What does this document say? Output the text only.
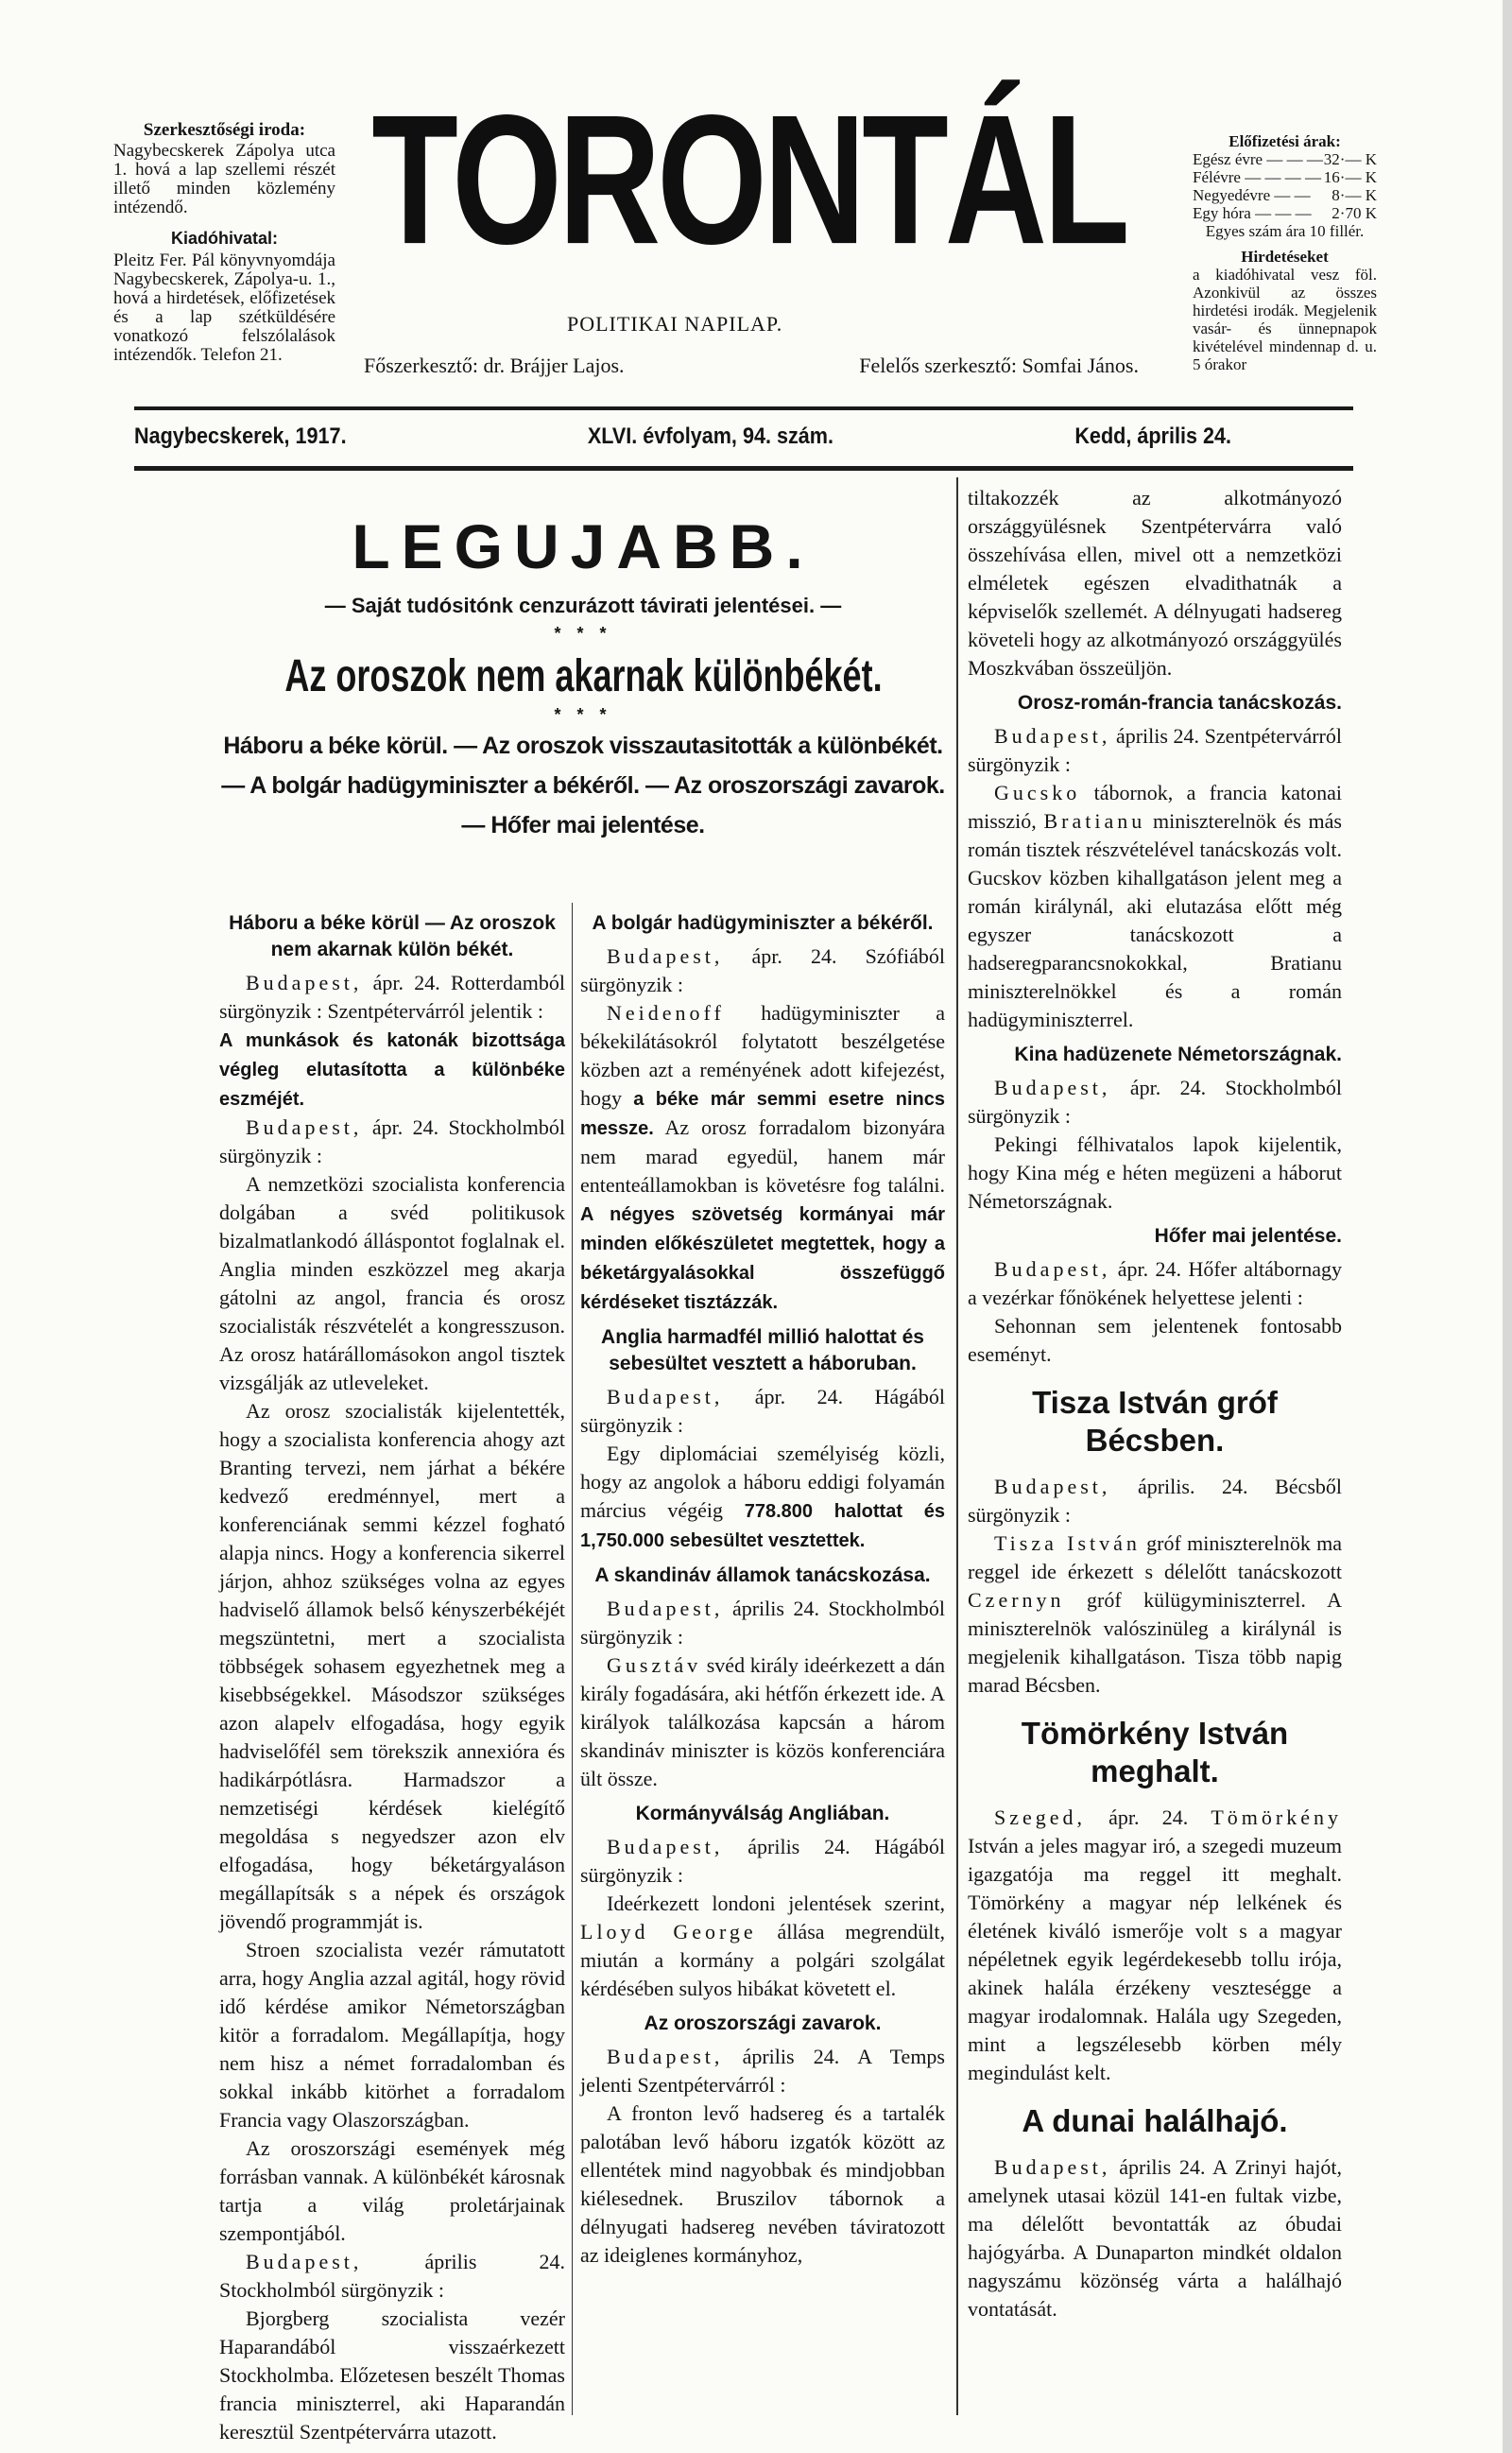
Szerkesztőségi iroda:
Nagybecskerek Zápolya utca 1. hová a lap szellemi részét illető minden közlemény intézendő.
Kiadóhivatal:
Pleitz Fer. Pál könyvnyomdája Nagybecskerek, Zápolya-u. 1., hová a hirdetések, előfizetések és a lap szétküldésére vonatkozó felszólalások intézendők. Telefon 21.
TORONTÁL
POLITIKAI NAPILAP.
Főszerkesztő: dr. Brájjer Lajos.	Felelős szerkesztő: Somfai János.
Előfizetési árak:
Egész évre — — — 32·— K
Félévre — — — — 16·— K
Negyedévre — — 8·— K
Egy hóra — — — 2·70 K
Egyes szám ára 10 fillér.
Hirdetéseket
a kiadóhivatal vesz föl. Azonkivül az összes hirdetési irodák. Megjelenik vasár- és ünnepnapok kivételével mindennap d. u. 5 órakor
Nagybecskerek, 1917.	XLVI. évfolyam, 94. szám.	Kedd, április 24.
LEGUJABB.
— Saját tudósitónk cenzurázott távirati jelentései. —
* * *
Az oroszok nem akarnak különbékét.
* * *
Háboru a béke körül. — Az oroszok visszautasitották a különbékét. — A bolgár hadügyminiszter a békéről. — Az oroszországi zavarok. — Hőfer mai jelentése.
Háboru a béke körül — Az oroszok nem akarnak külön békét.

Budapest, ápr. 24. Rotterdamból sürgönyzik : Szentpétervárról jelentik :

A munkások és katonák bizottsága végleg elutasította a különbéke eszméjét.

Budapest, ápr. 24. Stockholmból sürgönyzik :

A nemzetközi szocialista konferencia dolgában a svéd politikusok bizalmatlankodó álláspontot foglalnak el. Anglia minden eszközzel meg akarja gátolni az angol, francia és orosz szocialisták részvételét a kongresszuson. Az orosz határállomásokon angol tisztek vizsgálják az utleveleket.

Az orosz szocialisták kijelentették, hogy a szocialista konferencia ahogy azt Branting tervezi, nem járhat a békére kedvező eredménnyel, mert a konferenciának semmi kézzel fogható alapja nincs. Hogy a konferencia sikerrel járjon, ahhoz szükséges volna az egyes hadviselő államok belső kényszerbékéjét megszüntetni, mert a szocialista többségek sohasem egyezhetnek meg a kisebbségekkel. Másodszor szükséges azon alapelv elfogadása, hogy egyik hadviselőfél sem törekszik annexióra és hadikárpótlásra. Harmadszor a nemzetiségi kérdések kielégítő megoldása s negyedszer azon elv elfogadása, hogy béketárgyaláson megállapítsák s a népek és országok jövendő programmját is.

Stroen szocialista vezér rámutatott arra, hogy Anglia azzal agitál, hogy rövid idő kérdése amikor Németországban kitör a forradalom. Megállapítja, hogy nem hisz a német forradalomban és sokkal inkább kitörhet a forradalom Francia vagy Olaszországban.

Az oroszországi események még forrásban vannak. A különbékét károsnak tartja a világ proletárjainak szempontjából.

Budapest, április 24. Stockholmból sürgönyzik :

Bjorgberg szocialista vezér Haparandából visszaérkezett Stockholmba. Előzetesen beszélt Thomas francia miniszterrel, aki Haparandán keresztül Szentpétervárra utazott.

A bolgár hadügyminiszter a békéről.

Budapest, ápr. 24. Szófiából sürgönyzik :

Neidenoff hadügyminiszter a békekilátásokról folytatott beszélgetése közben azt a reményének adott kifejezést, hogy a béke már semmi esetre nincs messze. Az orosz forradalom bizonyára nem marad egyedül, hanem már ententeállamokban is követésre fog találni. A négyes szövetség kormányai már minden előkészületet megtettek, hogy a béketárgyalásokkal összefüggő kérdéseket tisztázzák.

Anglia harmadfél millió halottat és sebesültet vesztett a háboruban.

Budapest, ápr. 24. Hágából sürgönyzik :

Egy diplomáciai személyiség közli, hogy az angolok a háboru eddigi folyamán március végéig 778.800 halottat és 1,750.000 sebesültet vesztettek.

A skandináv államok tanácskozása.

Budapest, április 24. Stockholmból sürgönyzik :

Gusztáv svéd király ideérkezett a dán király fogadására, aki hétfőn érkezett ide. A királyok találkozása kapcsán a három skandináv miniszter is közös konferenciára ült össze.

Kormányválság Angliában.

Budapest, április 24. Hágából sürgönyzik :

Ideérkezett londoni jelentések szerint, Lloyd George állása megrendült, miután a kormány a polgári szolgálat kérdésében sulyos hibákat követett el.

Az oroszországi zavarok.

Budapest, április 24. A Temps jelenti Szentpétervárról :

A fronton levő hadsereg és a tartalék palotában levő háboru izgatók között az ellentétek mind nagyobbak és mindjobban kiélesednek. Bruszilov tábornok a délnyugati hadsereg nevében táviratozott az ideiglenes kormányhoz,

tiltakozzék az alkotmányozó országgyülésnek Szentpétervárra való összehívása ellen, mivel ott a nemzetközi elméletek egészen elvadithatnák a képviselők szellemét. A délnyugati hadsereg követeli hogy az alkotmányozó országgyülés Moszkvában összeüljön.

Orosz-román-francia tanácskozás.

Budapest, április 24. Szentpétervárról sürgönyzik :

Gucsko tábornok, a francia katonai misszió, Bratianu miniszterelnök és más román tisztek részvételével tanácskozás volt. Gucskov közben kihallgatáson jelent meg a román királynál, aki elutazása előtt még egyszer tanácskozott a hadseregparancsnokokkal, Bratianu miniszterelnökkel és a román hadügyminiszterrel.

Kina hadüzenete Németországnak.

Budapest, ápr. 24. Stockholmból sürgönyzik :

Pekingi félhivatalos lapok kijelentik, hogy Kina még e héten megüzeni a háborut Németországnak.

Hőfer mai jelentése.

Budapest, ápr. 24. Hőfer altábornagy a vezérkar főnökének helyettese jelenti :

Sehonnan sem jelentenek fontosabb eseményt.

Tisza István gróf Bécsben.

Budapest, április. 24. Bécsből sürgönyzik :

Tisza István gróf miniszterelnök ma reggel ide érkezett s délelőtt tanácskozott Czernyn gróf külügyminiszterrel. A miniszterelnök valószinüleg a királynál is megjelenik kihallgatáson. Tisza több napig marad Bécsben.

Tömörkény István meghalt.

Szeged, ápr. 24. Tömörkény István a jeles magyar iró, a szegedi muzeum igazgatója ma reggel itt meghalt. Tömörkény a magyar nép lelkének és életének kiváló ismerője volt s a magyar népéletnek egyik legérdekesebb tollu irója, akinek halála érzékeny veszteségge a magyar irodalomnak. Halála ugy Szegeden, mint a legszélesebb körben mély megindulást kelt.

A dunai halálhajó.

Budapest, április 24. A Zrinyi hajót, amelynek utasai közül 141-en fultak vizbe, ma délelőtt bevontatták az óbudai hajógyárba. A Dunaparton mindkét oldalon nagyszámu közönség várta a halálhajó vontatását.
